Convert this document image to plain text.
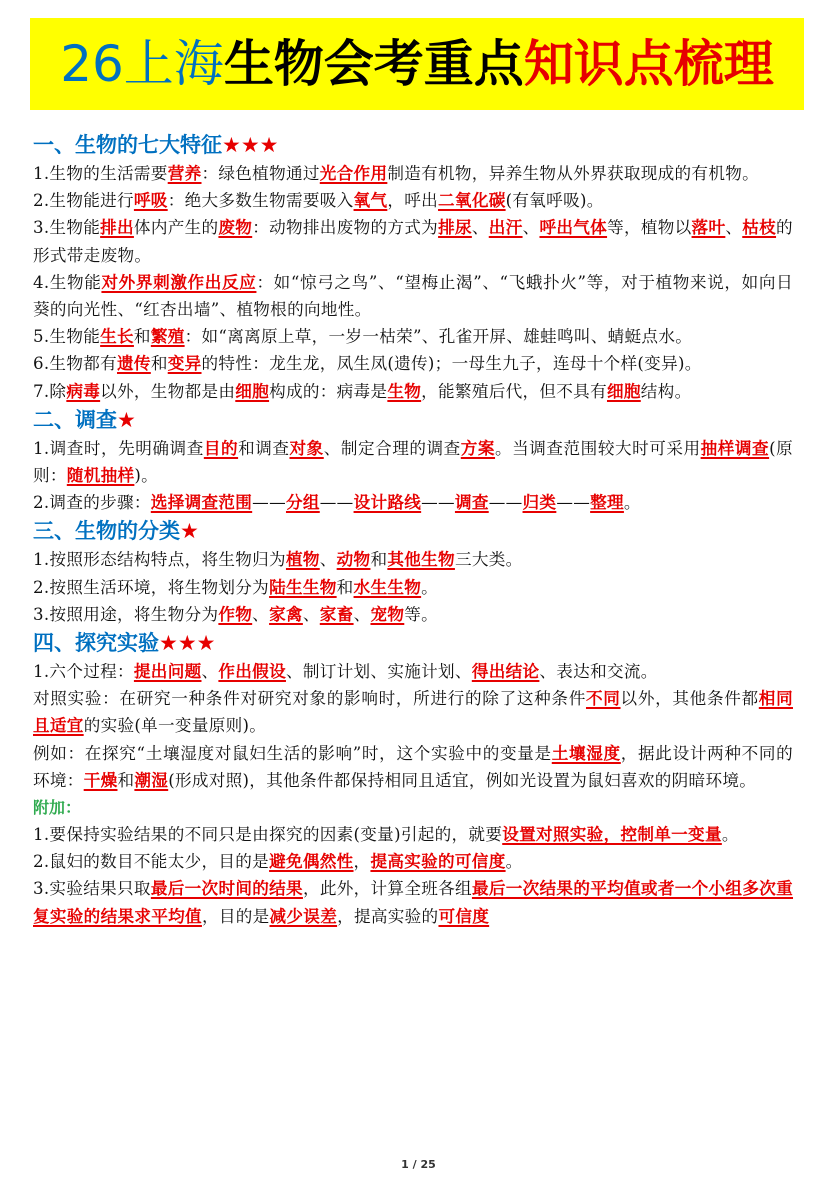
26上海 生物会考重点 知识点梳理
一、生物的七大特征★★★

1.生物的生活需要营养：绿色植物通过光合作用制造有机物，异养生物从外界获取现成的有机物。

2.生物能进行呼吸：绝大多数生物需要吸入氧气，呼出二氧化碳(有氧呼吸)。

3.生物能排出体内产生的废物：动物排出废物的方式为排尿、出汗、呼出气体等，植物以落叶、枯枝的形式带走废物。

4.生物能对外界刺激作出反应：如“惊弓之鸟”、“望梅止渴”、“飞蛾扑火”等，对于植物来说，如向日葵的向光性、“红杏出墙”、植物根的向地性。

5.生物能生长和繁殖：如“离离原上草，一岁一枯荣”、孔雀开屏、雄蛙鸣叫、蜻蜓点水。

6.生物都有遗传和变异的特性：龙生龙，凤生凤(遗传)；一母生九子，连母十个样(变异)。

7.除病毒以外，生物都是由细胞构成的：病毒是生物，能繁殖后代，但不具有细胞结构。

二、调查★

1.调查时，先明确调查目的和调查对象、制定合理的调查方案。当调查范围较大时可采用抽样调查(原则：随机抽样)。

2.调查的步骤：选择调查范围——分组——设计路线——调查——归类——整理。

三、生物的分类★

1.按照形态结构特点，将生物归为植物、动物和其他生物三大类。

2.按照生活环境，将生物划分为陆生生物和水生生物。

3.按照用途，将生物分为作物、家禽、家畜、宠物等。

四、探究实验★★★

1.六个过程：提出问题、作出假设、制订计划、实施计划、得出结论、表达和交流。

对照实验：在研究一种条件对研究对象的影响时，所进行的除了这种条件不同以外，其他条件都相同且适宜的实验(单一变量原则)。

例如：在探究“土壤湿度对鼠妇生活的影响”时，这个实验中的变量是土壤湿度，据此设计两种不同的环境：干燥和潮湿(形成对照)，其他条件都保持相同且适宜，例如光设置为鼠妇喜欢的阴暗环境。

附加：

1.要保持实验结果的不同只是由探究的因素(变量)引起的，就要设置对照实验，控制单一变量。

2.鼠妇的数目不能太少，目的是避免偶然性，提高实验的可信度。

3.实验结果只取最后一次时间的结果，此外，计算全班各组最后一次结果的平均值或者一个小组多次重复实验的结果求平均值，目的是减少误差，提高实验的可信度

1 / 25
